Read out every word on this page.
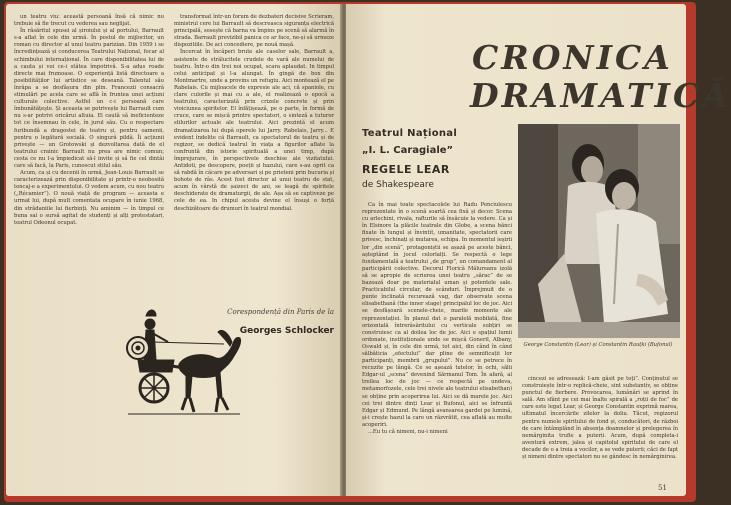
un teatru viu: această persoană însă că nimic nu trebuie să fie trecut cu vederea sau neglijat.

În râsăritul spusei al șiroiului și al portului, Barrault s-a aflat în cele din urmă. În postul de mijlocitor, un roman cu director al unui teatru parizian. Din 1959 i se încredințează și conducerea Teatrului Național, focar al schimbului internațional. În care disponibilitatea lui de a cauta și voi ce-i stătea împotrivă. S-a adus roade directe mai frumoase. O experiență listă directoare a posibilităților lui artistice se deseană. Talentul său înrăpa a se desfășura din plin. Francezii consacră stimulări pe acela care se află în fruntea unei acțiuni culturale colective. Astfel un c-i persoană care îmbunătățește. Și aceasta se potrivește lui Barrault cum nu s-ar potrivi oricărui altuia. El caută să ineficienteze tot ce însemnau în cele, în jurul său. Cu o respectare furibundă a dragostei de teatru și, pentru oamenii, pentru o legătură socială. O singură pildă. Îi acțiunii privește — un Grotowski și dezvoltarea dată de el teatrului crainic Barrault nu prea are nimic comun; cesta ce nu l-a împiedicat să-l invite și să fie cel dintâi care să facă, la Paris, cunoscut stilul său.

Acum, ca și cu decenii în urmă, Jean-Louis Barrault se caracterizează prin disponibilitate și printr-o neobosită tencaj-e a experimentului. O vedem acum, cu nou teatru („Récamier”). O nouă viață de program — aceasta e urmat lui, după mult comentata ocupare în iunie 1968, din strădaniile lui fierbinți. Nu aminim — în timpul ce buna sai o sursă agitat de studenți și alți protestatari, teatrul Odeonul ocupat.

transformat într-un forum de dezbateri decisive Scrieram, ministrul cere lui Barrault să descreasca siguranța electrică principală, sosește că barna va împins pe scenă să alarmă în strada. Barrault previzibil panica ce ar face, ne-și să urmeze dispozitiile. De aci concediere, pe nouă mașă.

Încercat în încăperi brute ale caselor sale, Barrault a, asistente de strălucitele crudele de vară ale numelui de teatru. Într-o din trei noi ocupat, scara aplaudat. In timpul celui anticipat și l-a alungat. În gingă de box din Montmartre, unde a provins un refugiu. Aici montează el pe Rabelais. Cu mijloacele de expresie ale aci, că spaniole, cu clare culorile și mai cu a ale, el realizează o epocă a teatrului, caracterizată prin crizele concrete și prin vioiciunea spiritelor. El înfățișează, pe o parte, în formă de cruce, care se mișcă printre spectatori, o sinteză a tuturor stilurilor actuale ale teatrului. Aici prezintă el acum dramatizarea lui după operele lui Jarry. Rabelais, Jarry... E evident îndelite că Barrault, ca spectatorul de teatru și de regizor, se dedică teatrul în viața a figurilor aflate la confruntă din istorie spirituală a unei timp, după împrejurare, în perspectivele deschise ale vizitatului. Antidoti, pe descopere, poeții și hazului, care s-au oprit ca să rabdă în căcare pe adversari și pe prieteni prin bucuria și bohote de râs. Acest fost director al unui teatru de stat, acum în vârstă de șaizeci de ani, se leagă de spiritele deschiderate de dramaturgii, de ale. Așa să se captiveze pe cele de ea. In chipul acesta devine el însuși o forță deschizătoare de drumuri în teatrul mondial.

Corespondență din Paris de la
Georges Schlocker
CRONICA
DRAMATICĂ
Teatrul Național
„I. L. Caragiale”
REGELE LEAR
de Shakespeare

Ca în mai toate spectacolele lui Radu Penciulescu reprezentate în o scenă soartă cea fixă și decor. Scena cu arlechini, rivala, rafturile să însăcuie la vedere. Ca și în Elsinore la plăcile teatrale din Globe, a scena bănci fixate în lungul și învintit, umanitate, spectatorii care privesc, închinați și mutarea, echipa. In momentul ieșirii lor „din scenă”, protagoniștii se așază pe aceste bănci, așteptând în jocul celorlalți. Se respectă o lege fundamentală a teatrului „de grup”, un comandament al participării colective. Decorul Florică Mălureanu izolă să se apropie de scrierea unei teatru „sărac” de se bazează doar pe materialul uman și potentele sale. Practicabilul circular, de scânduri. Împrejmuit de o punte înclinată recurează vag, dar observate scena elisabethană (the inner stage) principalul loc de joc. Aici se desfășoară scenele-cheie, marile momente ale reprezentației. În planul dat o paralelă mobilată, fine orizontală întrerăsăritului cu verticale subțiri se construiesc ca al doilea loc de joc. Aici e spațiul lumii ordonate, instituționale unde se mișcă Goneril, Albany, Oswald și, în cele din urmă, tot aici, din când în când sălbăticia „efectului” dar pline de semnificații lor participanți, membrii „grupului”. Nu ce se petrece în recuzite pe lângă. Ce se așează tutelor, în ochi, sălii Edgar-ul „scena” devenind Sărmanul Tom. În afară, al treilea loc de joc — ce respectă pe undeva, metamorfozele, cele trei nivele ale teatrului elisabethan) se obține prin acoperirea lui. Aici se dă marele joc. Aici cei trei dintre dinți Lear și Bufonul, aici se înfruntă Edgar și Edmund. Pe lângă avansarea gardei pe lumină, și-i crește hazul la care un răzvrătit, cea aflată au multe acoperiri.

...Eu tu că nimeni, nu-i nimeni

George Constantin (Lear) și Constantin Rauțki (Bufonul)

cincezi se adresează: I-am găsit pe toți”. Conținutul se construiește într-o replică-cheie, sint substantiv, se obține punctul de fierbere. Provocarea, lumânări se aprind în sală. Am sfânt pe cei mai înalte spirală a „roții de foc” de care este legat Lear, și George Constantin exprimă marea, ultimatul încercările zilelor la doliu. Tăcut, regizorul pentru numele spiritului de fond și, conducători, de război de care întâmplând în absența doamnelor și prelegerea în nemărginita trufie a puterii. Acum, după completa-i aventură extrem, jalea și capitolul spiritului de care el decade de o a treia a vocilor, a se vede puterii; căci de fapt și nimeni dintre spectatori nu se gândesc în nemărginirea.

51
